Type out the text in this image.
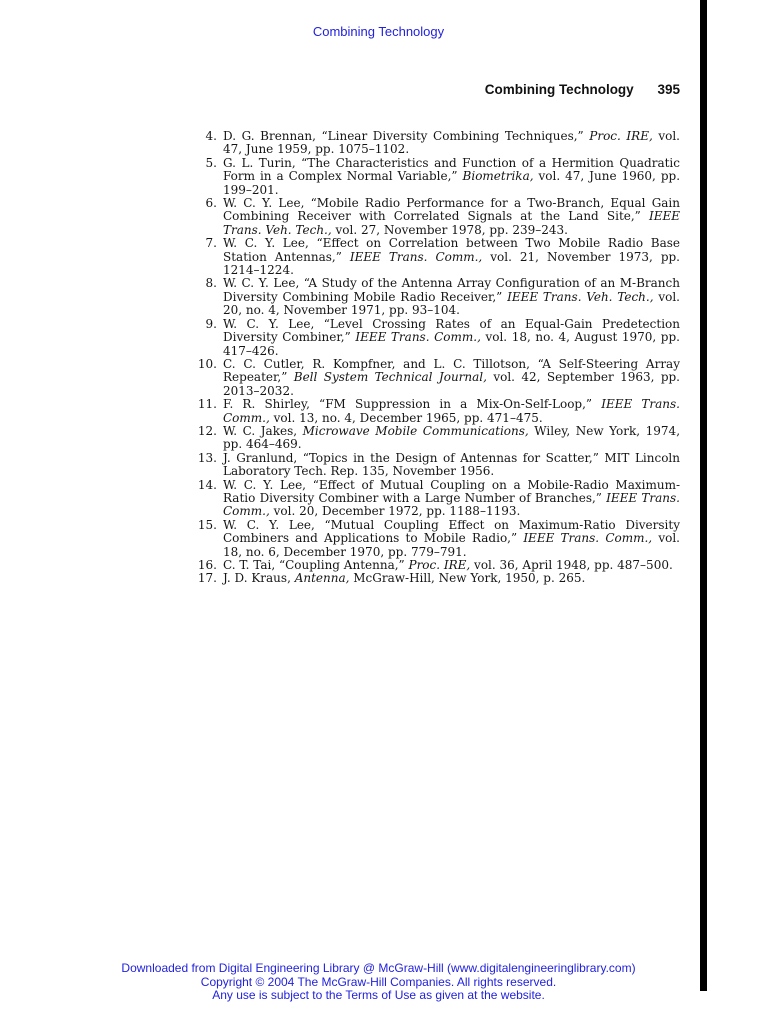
Combining Technology
Combining Technology 395
4. D. G. Brennan, “Linear Diversity Combining Techniques,” Proc. IRE, vol. 47, June 1959, pp. 1075–1102.
5. G. L. Turin, “The Characteristics and Function of a Hermition Quadratic Form in a Complex Normal Variable,” Biometrika, vol. 47, June 1960, pp. 199–201.
6. W. C. Y. Lee, “Mobile Radio Performance for a Two-Branch, Equal Gain Combining Receiver with Correlated Signals at the Land Site,” IEEE Trans. Veh. Tech., vol. 27, November 1978, pp. 239–243.
7. W. C. Y. Lee, “Effect on Correlation between Two Mobile Radio Base Station Antennas,” IEEE Trans. Comm., vol. 21, November 1973, pp. 1214–1224.
8. W. C. Y. Lee, “A Study of the Antenna Array Configuration of an M-Branch Diversity Combining Mobile Radio Receiver,” IEEE Trans. Veh. Tech., vol. 20, no. 4, November 1971, pp. 93–104.
9. W. C. Y. Lee, “Level Crossing Rates of an Equal-Gain Predetection Diversity Combiner,” IEEE Trans. Comm., vol. 18, no. 4, August 1970, pp. 417–426.
10. C. C. Cutler, R. Kompfner, and L. C. Tillotson, “A Self-Steering Array Repeater,” Bell System Technical Journal, vol. 42, September 1963, pp. 2013–2032.
11. F. R. Shirley, “FM Suppression in a Mix-On-Self-Loop,” IEEE Trans. Comm., vol. 13, no. 4, December 1965, pp. 471–475.
12. W. C. Jakes, Microwave Mobile Communications, Wiley, New York, 1974, pp. 464–469.
13. J. Granlund, “Topics in the Design of Antennas for Scatter,” MIT Lincoln Laboratory Tech. Rep. 135, November 1956.
14. W. C. Y. Lee, “Effect of Mutual Coupling on a Mobile-Radio Maximum-Ratio Diversity Combiner with a Large Number of Branches,” IEEE Trans. Comm., vol. 20, December 1972, pp. 1188–1193.
15. W. C. Y. Lee, “Mutual Coupling Effect on Maximum-Ratio Diversity Combiners and Applications to Mobile Radio,” IEEE Trans. Comm., vol. 18, no. 6, December 1970, pp. 779–791.
16. C. T. Tai, “Coupling Antenna,” Proc. IRE, vol. 36, April 1948, pp. 487–500.
17. J. D. Kraus, Antenna, McGraw-Hill, New York, 1950, p. 265.
Downloaded from Digital Engineering Library @ McGraw-Hill (www.digitalengineeringlibrary.com)
Copyright © 2004 The McGraw-Hill Companies. All rights reserved.
Any use is subject to the Terms of Use as given at the website.
